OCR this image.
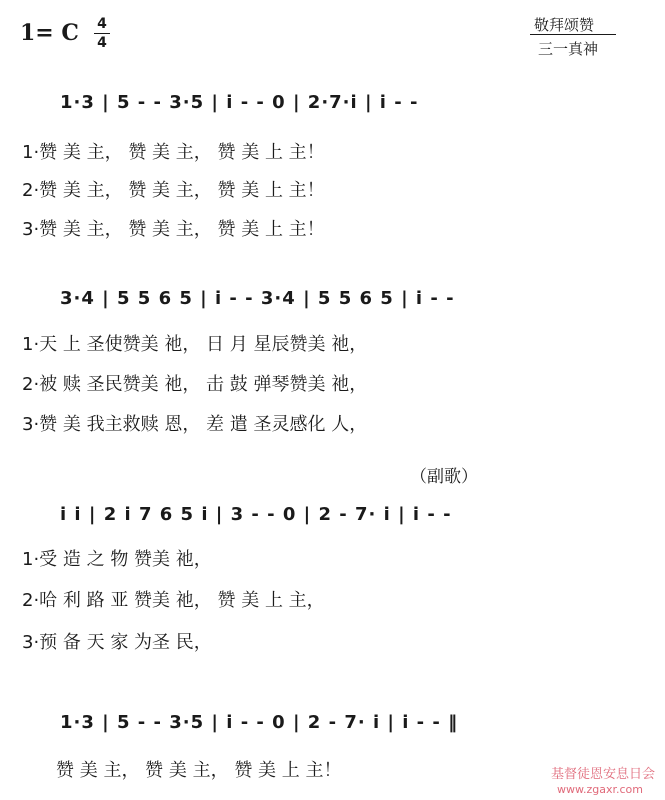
1= C 4
4
敬拜颂赞
三一真神
1·3 | 5 - - 3·5 | i - - 0 | 2·7·i | i - -
1·赞 美 主， 赞 美 主， 赞 美 上 主！
2·赞 美 主， 赞 美 主， 赞 美 上 主！
3·赞 美 主， 赞 美 主， 赞 美 上 主！
3·4 | 5 5 6 5 | i - - 3·4 | 5 5 6 5 | i - -
1·天 上 圣使赞美 祂， 日 月 星辰赞美 祂，
2·被 赎 圣民赞美 祂， 击 鼓 弹琴赞美 祂，
3·赞 美 我主救赎 恩， 差 遣 圣灵感化 人，
（副歌）
i i | 2 i 7 6 5 i | 3 - - 0 | 2 - 7· i | i - -
1·受 造 之 物 赞美 祂，
2·哈 利 路 亚 赞美 祂， 赞 美 上 主，
3·预 备 天 家 为圣 民，
1·3 | 5 - - 3·5 | i - - 0 | 2 - 7· i | i - - ‖
赞 美 主， 赞 美 主， 赞 美 上 主！	基督徒恩安息日会
www.zgaxr.com
